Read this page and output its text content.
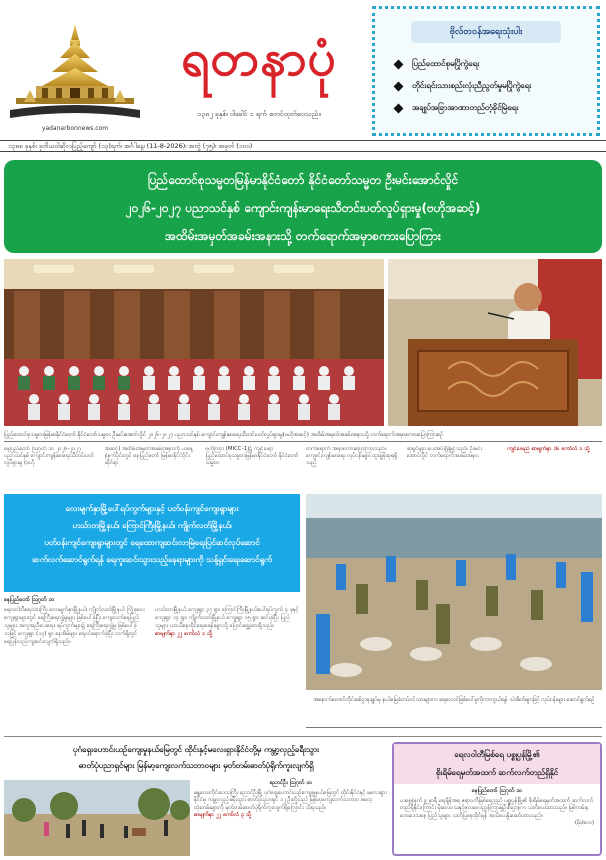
yadanarbonnews.com
ရတနာပုံ
၁၃၈၂ ခုနှစ်၊ ဝါခေါင် ၁ ရက် စတင်ထုတ်ဝေသည်။
ဗိုလ်တဝန်အရေးသုံးပါး
ပြည်ထောင်စုမပြိုကွဲရေး
တိုင်းရင်းသားစည်းလုံးညီညွတ်မှုမပြိုကွဲရေး
အချုပ်အခြာအာဏာတည်တံ့ခိုင်မြဲရေး
၁၃၈၈ ခုနှစ်၊ ဒုတိယဝါဆိုလပြည့်ကျော် (၁၃)ရက်၊ အင်္ဂါနေ့၊ (11-8-2026)၊ အတွဲ (၇၅)၊ အမှတ် (၁၀၀)
ပြည်ထောင်စုသမ္မတမြန်မာနိုင်ငံတော် နိုင်ငံတော်သမ္မတ ဦးမင်းအောင်လှိုင်
၂၀၂၆-၂၀၂၇ ပညာသင်နှစ် ကျောင်းကျန်းမာရေးသီတင်းပတ်လှုပ်ရှားမှု(ဗဟိုအဆင့်)
အထိမ်းအမှတ်အခမ်းအနားသို့ တက်ရောက်အမှာစကားပြောကြား
ပြည်ထောင်စုသမ္မတမြန်မာနိုင်ငံတော် နိုင်ငံတော်သမ္မတ ဦးမင်းအောင်လှိုင် ၂၀၂၆-၂၀၂၇ ပညာသင်နှစ် ကျောင်းကျန်းမာရေးသီတင်းပတ်လှုပ်ရှားမှု(ဗဟိုအဆင့်) အထိမ်းအမှတ်အခမ်းအနားသို့ တက်ရောက်အမှာစကားပြောကြားစဉ်
နေပြည်တော် ဩဂုတ် ၁၀ ၂၀၂၆-၂၀၂၇ ပညာသင်နှစ် ကျောင်းကျန်းမာရေးသီတင်းပတ်လှုပ်ရှားမှု (ဗဟို
အဆင့်) အထိမ်းအမှတ်အခမ်းအနားကို ယနေ့နံနက်ပိုင်းတွင် နေပြည်တော် မြန်မာနိုင်ငံဝိုင်းဆိုင်ရာ
ဗဟိုကြား (MICC-1)၌ ကျင်းပရာ ပြည်ထောင်စုသမ္မတမြန်မာနိုင်ငံတော် နိုင်ငံတော်သမ္မတ
တက်ရောက် အမှာစကားပြောကြားသည်။ ကျောင်းကျန်းမာရေး လုပ်ငန်းများ ထူးချွန်ဆုရရှိသည့်
ဆုရှင်များ ပေးအပ်ချီးမြှင့်သည်။ ဦးမင်းအောင်လှိုင် တက်ရောက်အခမ်းအနား
ကျင်းပမည် စာမျက်နှာ ၁၆ ကော်လံ ၁ သို့
လေးမျက်နှာမြို့ပေါ်ရပ်ကွက်များနှင့် ပတ်ဝန်းကျင်ကျေးရွာများ
ဟသ်ာတမြို့နယ်၊ ကြောင်ကြီးမြို့နယ်၊ ကျိုက်လတ်မြို့နယ်၊
ပတ်ဝန်းကျင်ကျေးရွာများတွင် ရေထောကျဆင်းလာမြဲရေးပြင်ဆင်လုပ်ဆောင်
ဆက်လက်ဆောင်ရွက်ရန် ရေကူးဆင်းသွားသည့်နေရာများကို သန့်ရှင်းရေးဆောင်ရွက်
နေပြည်တော် ဩဂုတ် ၁၀
ရေလဝါတီရေသားကြီး လေးမျက်နှာမြို့နယ်၊ ကျိုက်လတ်မြို့နယ် ကြို့စုဝေးကျေးရွာများတွင် ရေကြီးရေလျှံမှုများ ဖြစ်ပေါ်ခဲ့ပြီး ကျေးလက်နေပြည်သူများ အကူအညီပေးရေး၊ ရပ်ကွက်များ၌ ရေကြီးရေလျှံမှု ဖြစ်ပေါ်ခဲ့သဖြင့် ကျေးရွာ (၁၃) ရွာ နေအိမ်များ ရေဝင်ရောက်ခဲ့ပြီး လက်ရှိတွင် ရေပြန်လည်ကျဆင်းလျက်ရှိသည်။
ဟသ်ာတမြို့နယ် ကျေးရွာ ၃၇ ရွာ၊ ကြောင်ကြီးမြို့နယ်ပေါ်ရပ်ကွက် ၄ ခုနှင့် ကျေးရွာ ၁၄ ရွာ၊ ကျိုက်လတ်မြို့နယ် ကျေးရွာ ၁၅ ရွာ၊ ဆင်းခဲ့ပြီး ပြည်သူများ ယာယီနေထိုင်ရေးစခန်းများသို့ ပြောင်းရွှေ့ထားရှိသည်။
စာမျက်နှာ ၂၂ ကော်လံ ၁ သို့
အနောက်တောင်တိုင်းစစ်ဌာနချုပ်မှ နယ်မြေခံတပ်ဝင်သားများက ရေလောင်ဖြစ်ပေါ်မှုကိုကာကွယ်ရန် သဲအိတ်များဖြင့် လုပ်ငန်းများ ဆောင်ရွက်စဉ်
ပုဂံရှေးဟောင်းယဉ်ကျေးမှုနယ်မြေတွင် ထိုင်းနှင့်မလေးရှားနိုင်ငံတို့မှ ကမ္ဘာ့လှည့်ခရီးသွား
ဓာတ်ပုံပညာရှင်များ မြန်မာ့ကျေးလက်သဘာဝများ မှတ်တမ်းဓာတ်ပုံရိုက်ကူးလျက်ရှိ
ညောင်ဦး ဩဂုတ် ၁၀
မန္တလေးတိုင်းဒေသကြီး ညောင်ဦးမြို့ ပုဂံရှေးဟောင်းယဉ်ကျေးမှုနယ်မြေတွင် ထိုင်းနိုင်ငံနှင့် မလေးရှားနိုင်ငံမှ ကမ္ဘာ့လှည့်ခရီးသွား ဓာတ်ပုံပညာရှင် ၁၂ ဦးတို့သည် မြန်မာ့ကျေးလက်သဘာဝ ဓလေ့ထုံးတမ်းများကို မှတ်တမ်းဓာတ်ပုံရိုက်ကူးလျက်ရှိကြောင်း သိရသည်။
စာမျက်နှာ ၂၂ ကော်လံ ၃ သို့
ရေလဝါတီမြစ်ရေ ပစ္စုပ္ပန်မြို့၏
စိုးရိမ်ရေမှတ်အထက် ဆက်လက်တည်ရှိနိုင်
နေပြည်တော် ဩဂုတ် ၁၀
ယနေ့နံနက် ၉ နာရီ ရေချိန်အရ ဧရာဝတီမြစ်ရေသည် ပစ္စုပ္ပန်မြို့၏ စိုးရိမ်ရေမှတ်အထက် ဆက်လက်တည်ရှိနိုင်ကြောင်း မိုးလေဝသနှင့်ဇလဗေဒညွှန်ကြားမှုဦးစီးဌာနက သတိပေးထားသည်။ မြစ်ကမ်းနဘေးဒေသနေ ပြည်သူများ သတိပြုနေထိုင်ရန် အသိပေးနှိုးဆော်ထားသည်။
(မိုး/ဇလ)
